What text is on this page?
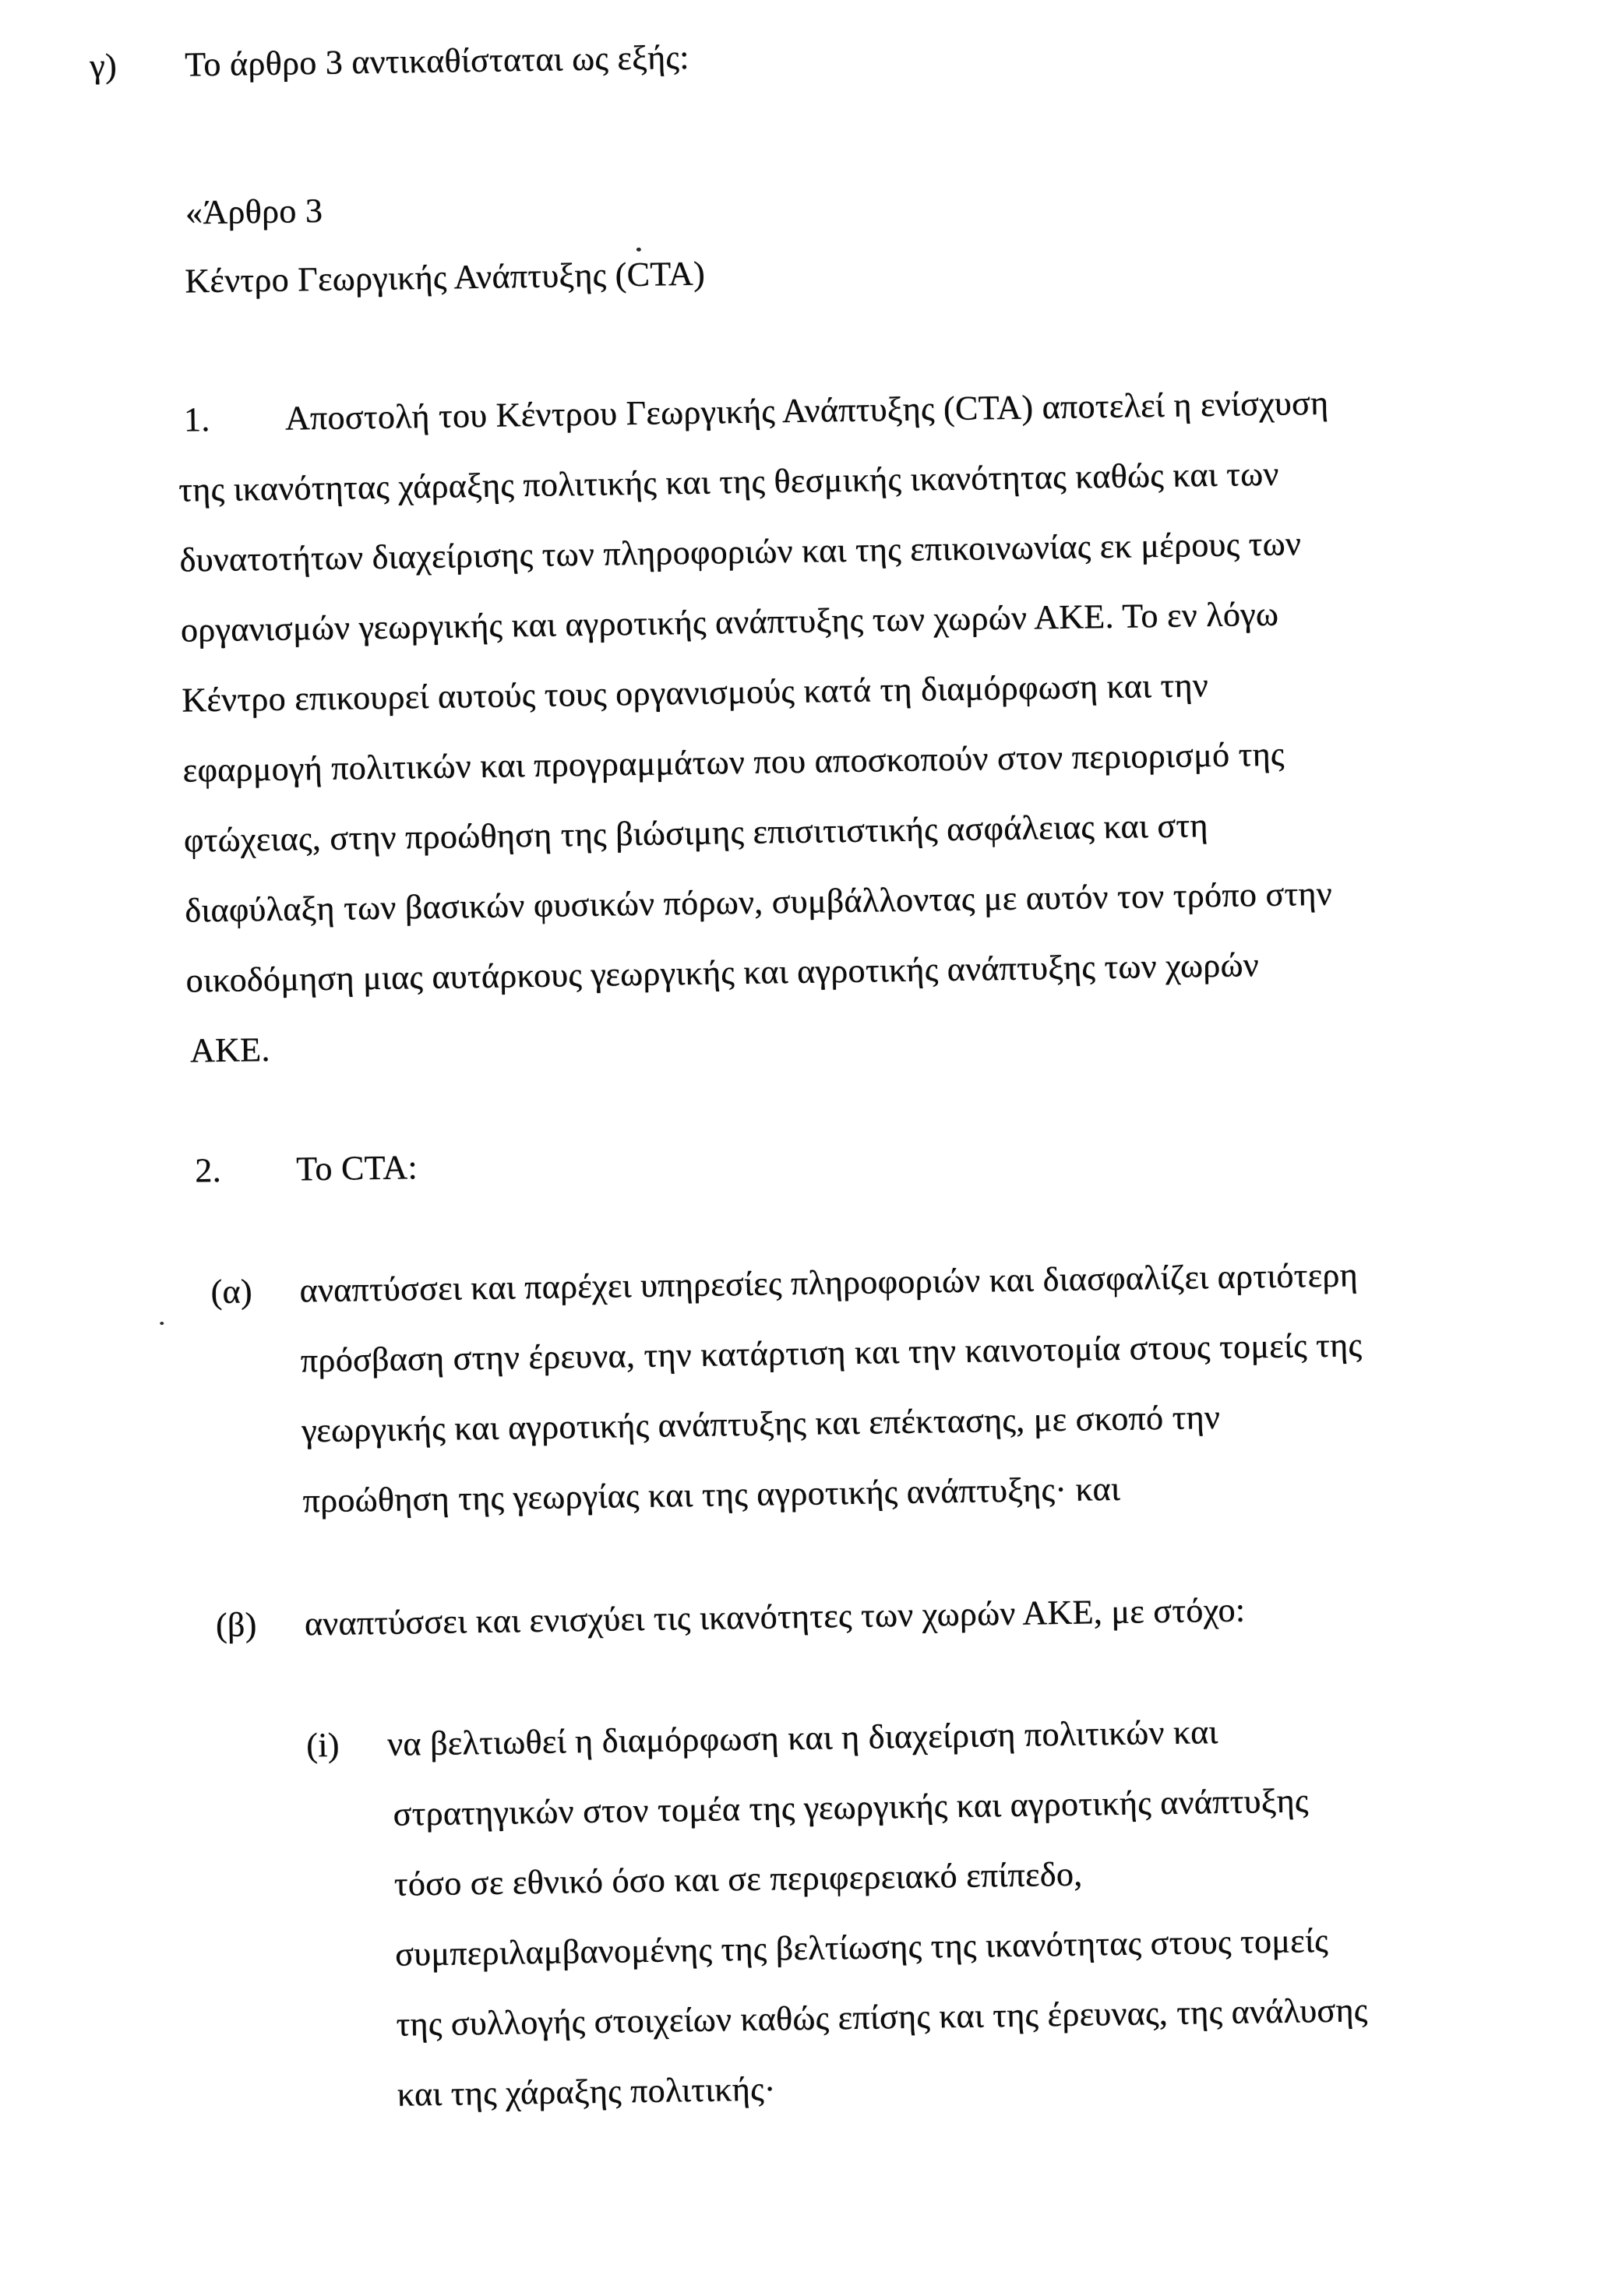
γ) Το άρθρο 3 αντικαθίσταται ως εξής:
«Άρθρο 3
Κέντρο Γεωργικής Ανάπτυξης (CTA)
1. Αποστολή του Κέντρου Γεωργικής Ανάπτυξης (CTA) αποτελεί η ενίσχυση
της ικανότητας χάραξης πολιτικής και της θεσμικής ικανότητας καθώς και των
δυνατοτήτων διαχείρισης των πληροφοριών και της επικοινωνίας εκ μέρους των
οργανισμών γεωργικής και αγροτικής ανάπτυξης των χωρών ΑΚΕ. Το εν λόγω
Κέντρο επικουρεί αυτούς τους οργανισμούς κατά τη διαμόρφωση και την
εφαρμογή πολιτικών και προγραμμάτων που αποσκοπούν στον περιορισμό της
φτώχειας, στην προώθηση της βιώσιμης επισιτιστικής ασφάλειας και στη
διαφύλαξη των βασικών φυσικών πόρων, συμβάλλοντας με αυτόν τον τρόπο στην
οικοδόμηση μιας αυτάρκους γεωργικής και αγροτικής ανάπτυξης των χωρών
ΑΚΕ.
2. Το CTA:
(α) αναπτύσσει και παρέχει υπηρεσίες πληροφοριών και διασφαλίζει αρτιότερη
πρόσβαση στην έρευνα, την κατάρτιση και την καινοτομία στους τομείς της
γεωργικής και αγροτικής ανάπτυξης και επέκτασης, με σκοπό την
προώθηση της γεωργίας και της αγροτικής ανάπτυξης· και
(β) αναπτύσσει και ενισχύει τις ικανότητες των χωρών ΑΚΕ, με στόχο:
(i) να βελτιωθεί η διαμόρφωση και η διαχείριση πολιτικών και
στρατηγικών στον τομέα της γεωργικής και αγροτικής ανάπτυξης
τόσο σε εθνικό όσο και σε περιφερειακό επίπεδο,
συμπεριλαμβανομένης της βελτίωσης της ικανότητας στους τομείς
της συλλογής στοιχείων καθώς επίσης και της έρευνας, της ανάλυσης
και της χάραξης πολιτικής·
